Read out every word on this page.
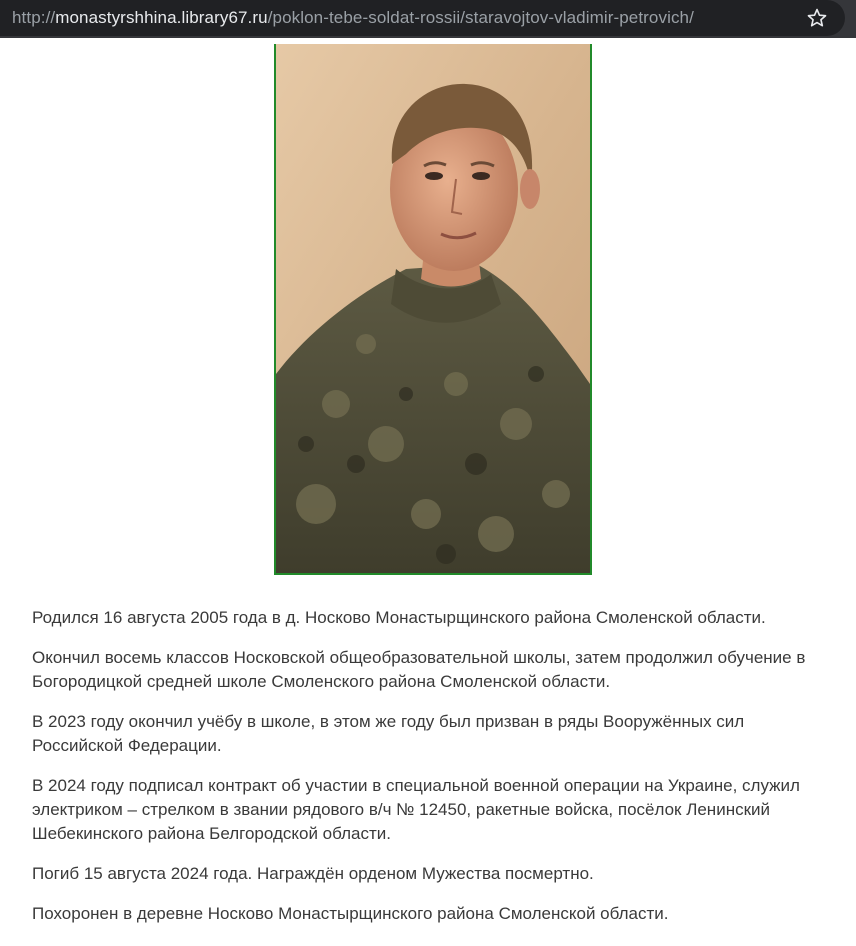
http://monastyrshhina.library67.ru/poklon-tebe-soldat-rossii/staravojtov-vladimir-petrovich/

Родился 16 августа 2005 года в д. Носково Монастырщинского района Смоленской области.

Окончил восемь классов Носковской общеобразовательной школы, затем продолжил обучение в Богородицкой средней школе Смоленского района Смоленской области.

В 2023 году окончил учёбу в школе, в этом же году был призван в ряды Вооружённых сил Российской Федерации.

В 2024 году подписал контракт об участии в специальной военной операции на Украине, служил электриком – стрелком в звании рядового в/ч № 12450, ракетные войска, посёлок Ленинский Шебекинского района Белгородской области.

Погиб 15 августа 2024 года. Награждён орденом Мужества посмертно.

Похоронен в деревне Носково Монастырщинского района Смоленской области.
